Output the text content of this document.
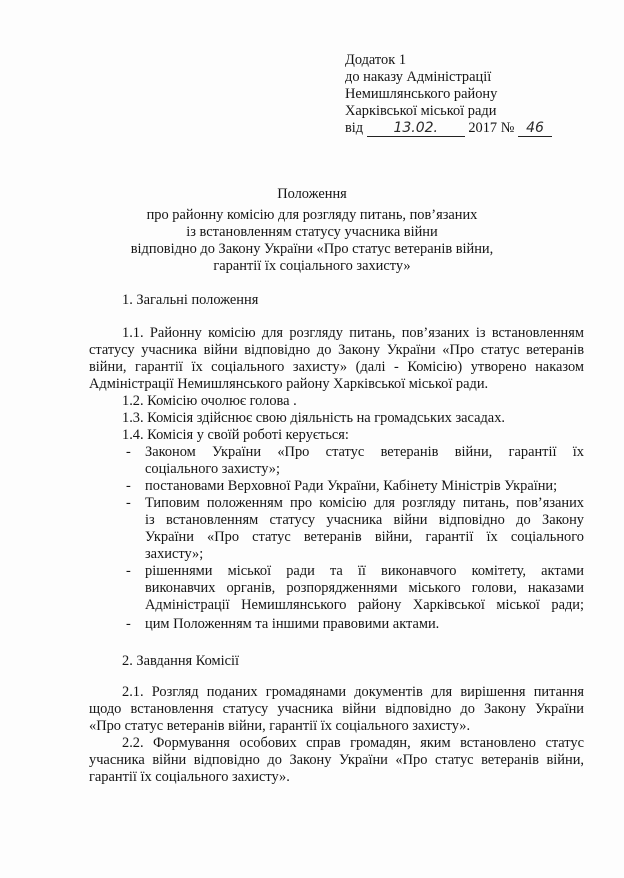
Додаток 1
до наказу Адміністрації
Немишлянського району
Харківської міської ради
від 13.02. 2017 № 46
Положення
про районну комісію для розгляду питань, пов’язаних
із встановленням статусу учасника війни
відповідно до Закону України «Про статус ветеранів війни,
гарантії їх соціального захисту»
1. Загальні положення
1.1. Районну комісію для розгляду питань, пов’язаних із встановленням
статусу учасника війни відповідно до Закону України «Про статус ветеранів
війни, гарантії їх соціального захисту» (далі - Комісію) утворено наказом
Адміністрації Немишлянського району Харківської міської ради.
1.2. Комісію очолює голова .
1.3. Комісія здійснює свою діяльність на громадських засадах.
1.4. Комісія у своїй роботі керується:
- Законом України «Про статус ветеранів війни, гарантії їх
соціального захисту»;
- постановами Верховної Ради України, Кабінету Міністрів України;
- Типовим положенням про комісію для розгляду питань, пов’язаних
із встановленням статусу учасника війни відповідно до Закону
України «Про статус ветеранів війни, гарантії їх соціального
захисту»;
- рішеннями міської ради та її виконавчого комітету, актами
виконавчих органів, розпорядженнями міського голови, наказами
Адміністрації Немишлянського району Харківської міської ради;
- цим Положенням та іншими правовими актами.
2. Завдання Комісії
2.1. Розгляд поданих громадянами документів для вирішення питання
щодо встановлення статусу учасника війни відповідно до Закону України
«Про статус ветеранів війни, гарантії їх соціального захисту».
2.2. Формування особових справ громадян, яким встановлено статус
учасника війни відповідно до Закону України «Про статус ветеранів війни,
гарантії їх соціального захисту».
